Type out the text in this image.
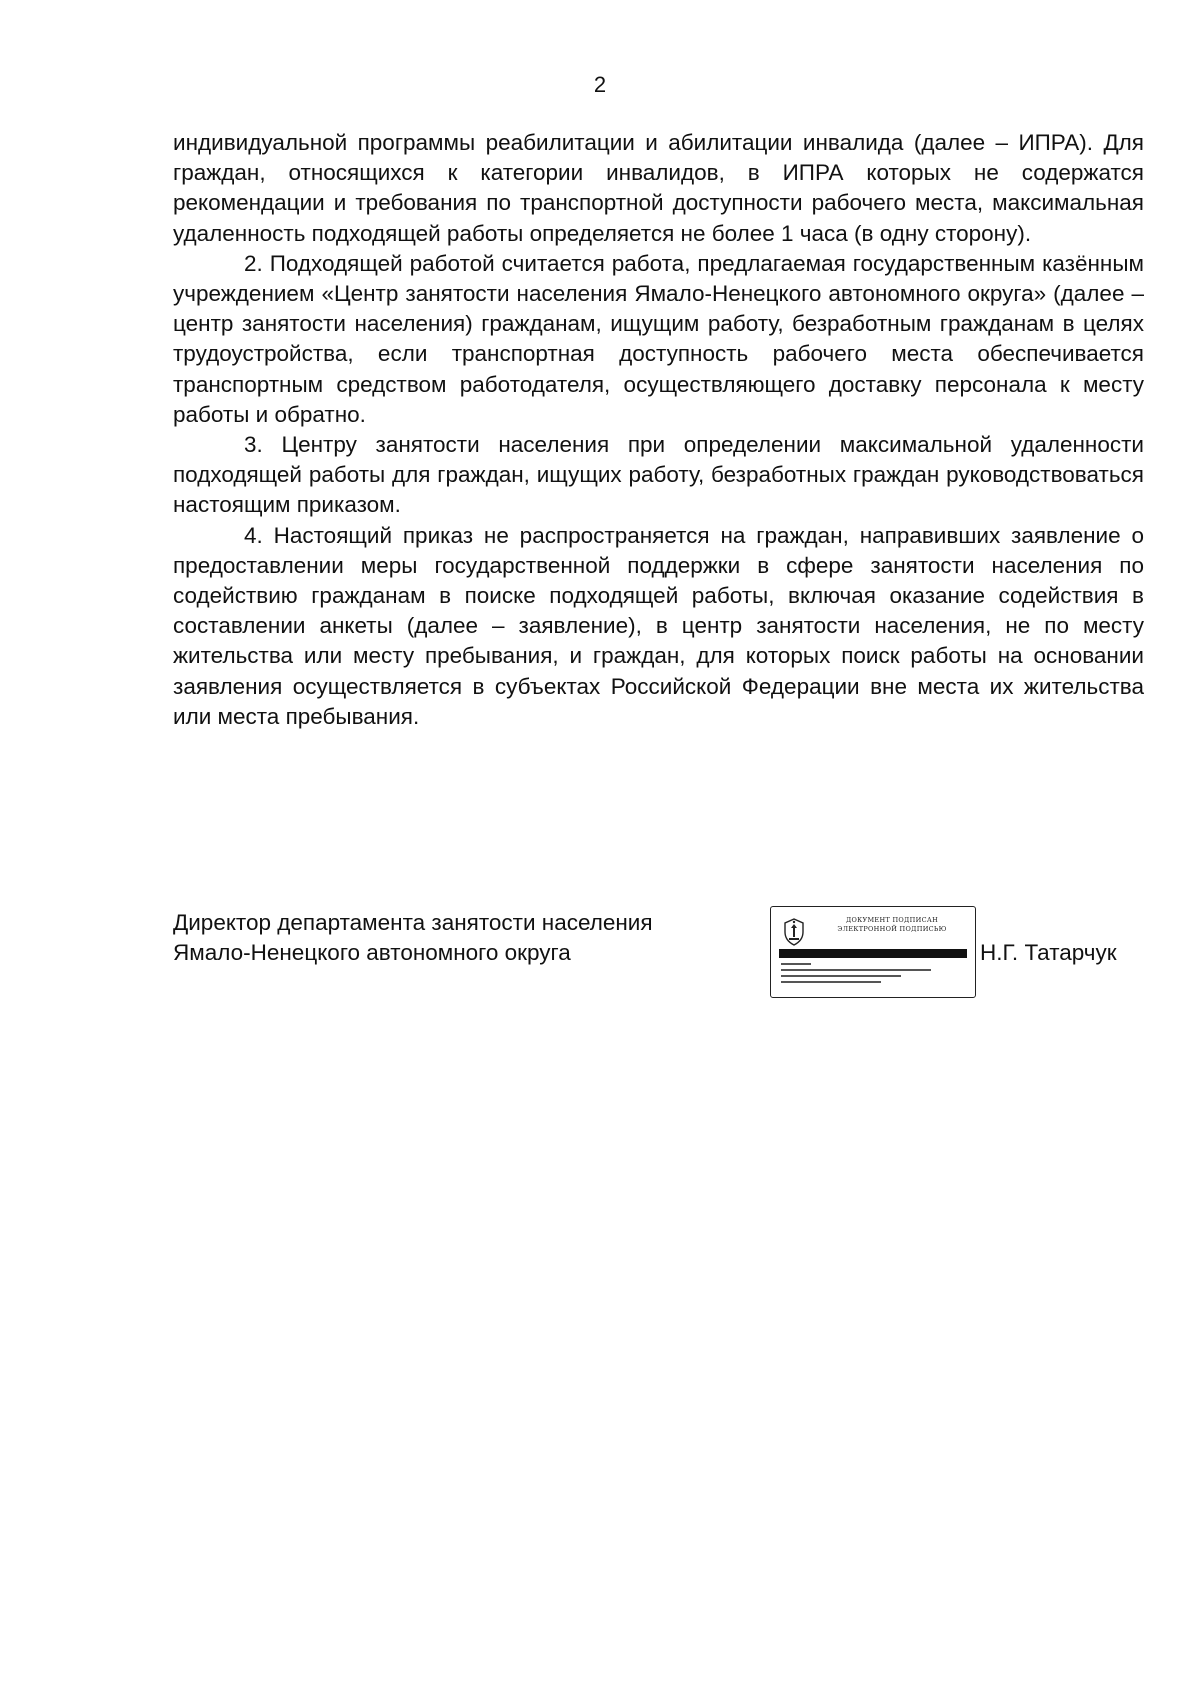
2

индивидуальной программы реабилитации и абилитации инвалида (далее – ИПРА). Для граждан, относящихся к категории инвалидов, в ИПРА которых не содержатся рекомендации и требования по транспортной доступности рабочего места, максимальная удаленность подходящей работы определяется не более 1 часа (в одну сторону).

2. Подходящей работой считается работа, предлагаемая государственным казённым учреждением «Центр занятости населения Ямало-Ненецкого автономного округа» (далее – центр занятости населения) гражданам, ищущим работу, безработным гражданам в целях трудоустройства, если транспортная доступность рабочего места обеспечивается транспортным средством работодателя, осуществляющего доставку персонала к месту работы и обратно.

3. Центру занятости населения при определении максимальной удаленности подходящей работы для граждан, ищущих работу, безработных граждан руководствоваться настоящим приказом.

4. Настоящий приказ не распространяется на граждан, направивших заявление о предоставлении меры государственной поддержки в сфере занятости населения по содействию гражданам в поиске подходящей работы, включая оказание содействия в составлении анкеты (далее – заявление), в центр занятости населения, не по месту жительства или месту пребывания, и граждан, для которых поиск работы на основании заявления осуществляется в субъектах Российской Федерации вне места их жительства или места пребывания.

Директор департамента занятости населения
Ямало-Ненецкого автономного округа
ДОКУМЕНТ ПОДПИСАН
ЭЛЕКТРОННОЙ ПОДПИСЬЮ
Н.Г. Татарчук
